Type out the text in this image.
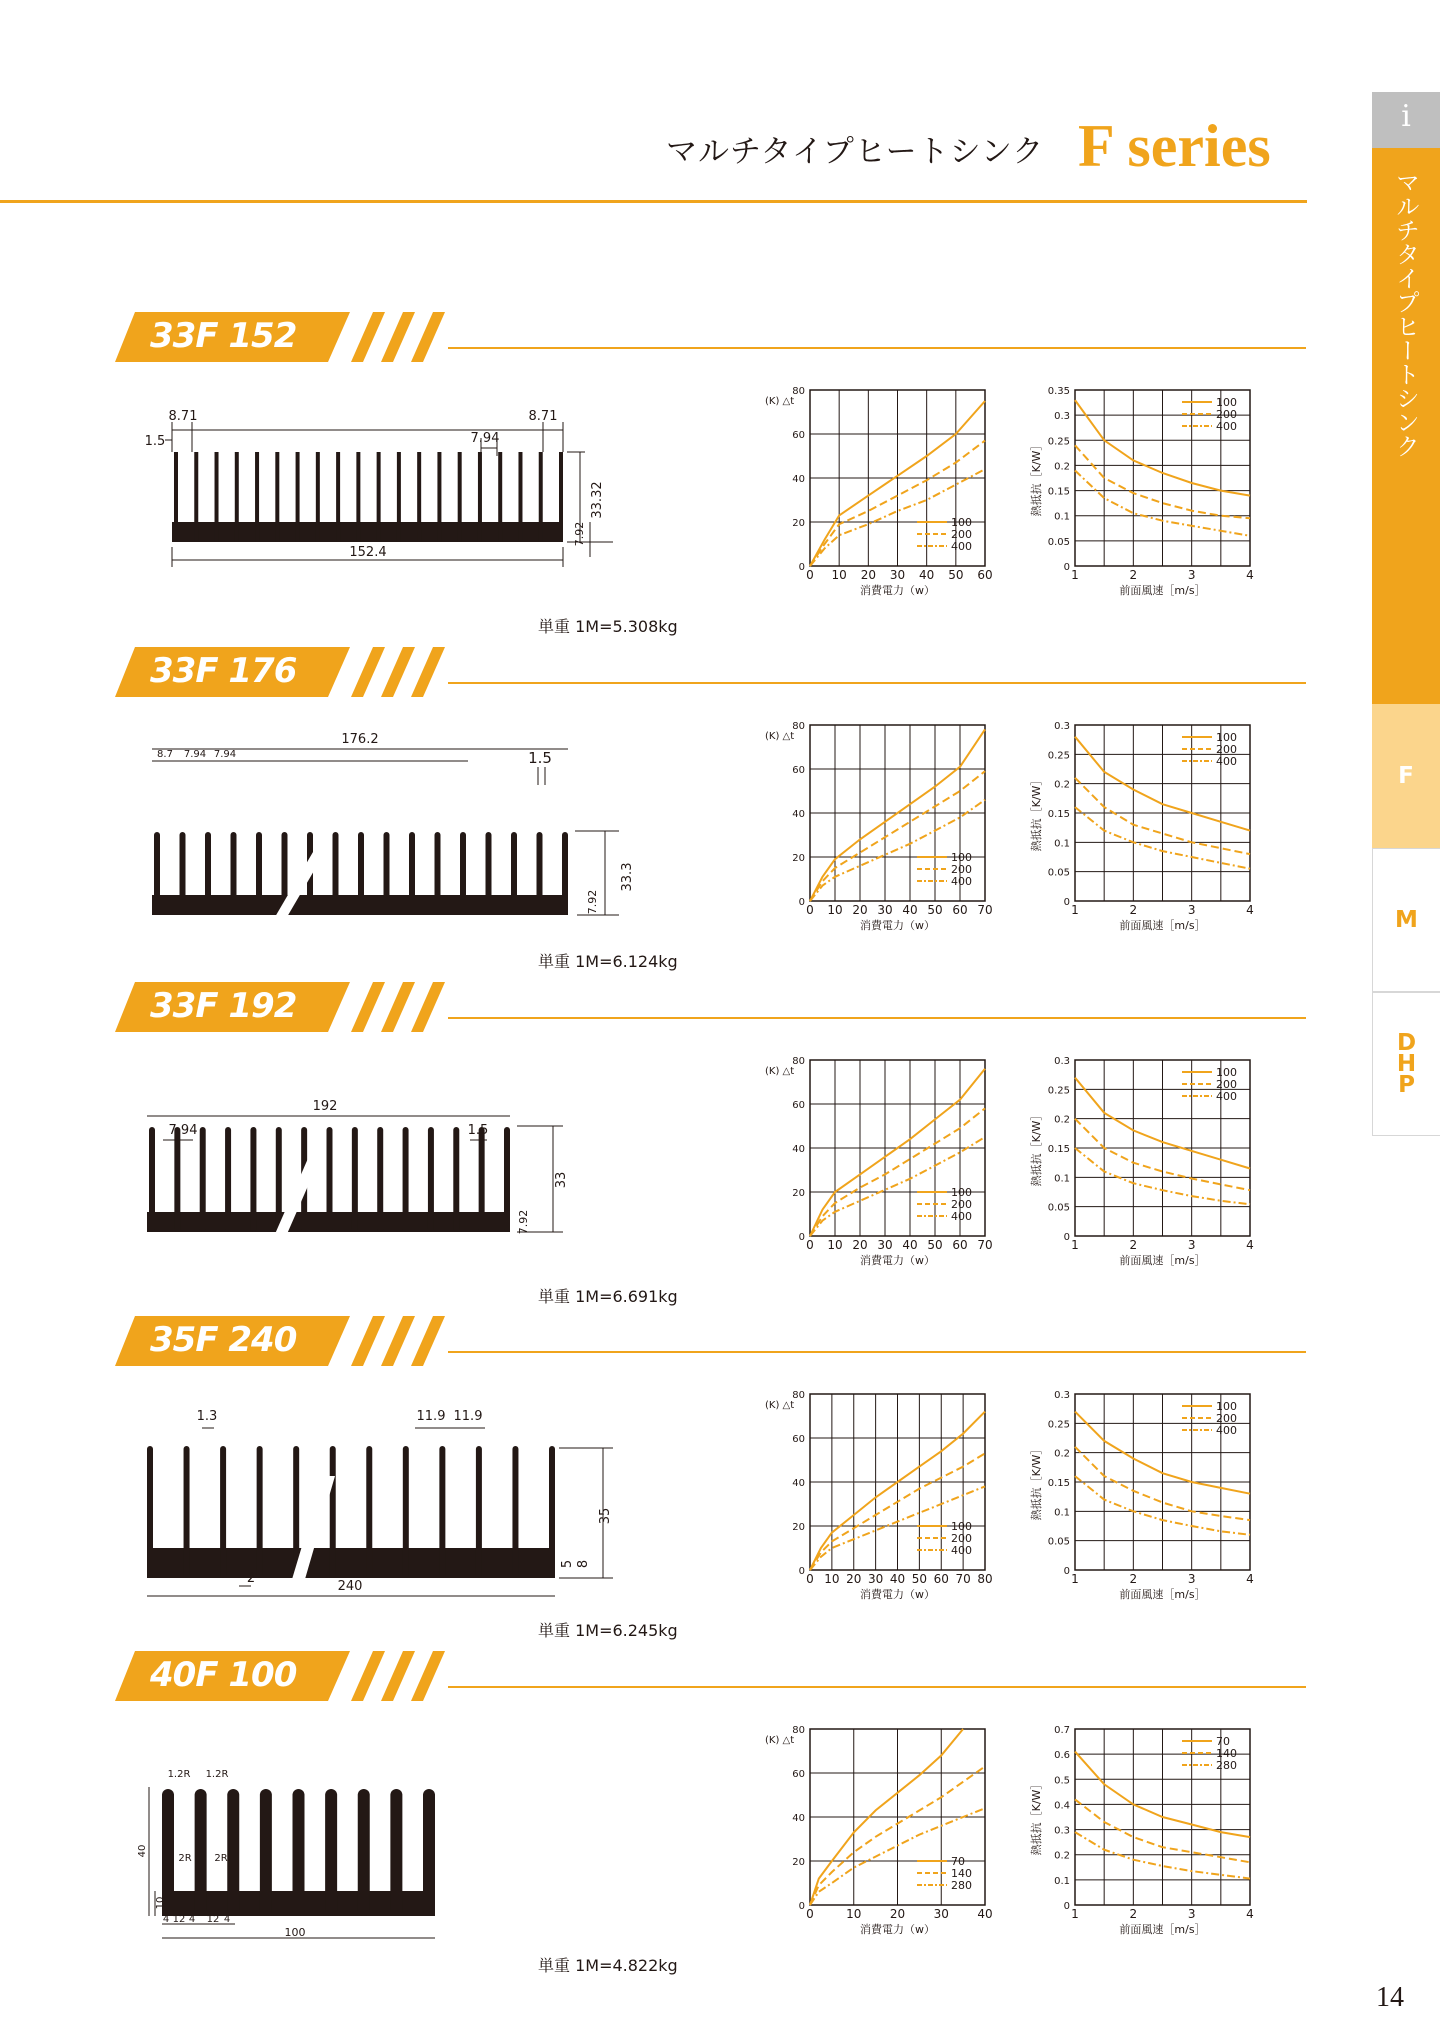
マルチタイプヒートシンク F series	i
マルチタイプヒートシンク
F
M
D
H
P
14
33F 152
8.71	8.71
1.5	7.94
33.32
7.92
152.4
単重 1M=5.308kg
0 10 20 30 40 50 60
0
20
40
60
80
消費電力（w）
(K) △t
100
200
400
1	2	3	4
0
0.05
0.1
0.15
0.2
0.25
0.3
0.35
前面風速［m/s］
熱抵抗［K/W］
100
200
400
33F 176
176.2
8.7 7.94 7.94	1.5
33.3
7.92
単重 1M=6.124kg
0 10 20 30 40 50 60 70
0
20
40
60
80
消費電力（w）
(K) △t
100
200
400
1	2	3	4
0
0.05
0.1
0.15
0.2
0.25
0.3
前面風速［m/s］
熱抵抗［K/W］
100
200
400
33F 192
192
7.94	1.5
33
7.92
単重 1M=6.691kg
0 10 20 30 40 50 60 70
0
20
40
60
80
消費電力（w）
(K) △t
100
200
400
1	2	3	4
0
0.05
0.1
0.15
0.2
0.25
0.3
前面風速［m/s］
熱抵抗［K/W］
100
200
400
35F 240
1.3	11.9 11.9
35
5 8
2
240
単重 1M=6.245kg
0 10 20 30 40 50 60 70 80
0
20
40
60
80
消費電力（w）
(K) △t
100
200
400
1	2	3	4
0
0.05
0.1
0.15
0.2
0.25
0.3
前面風速［m/s］
熱抵抗［K/W］
100
200
400
40F 100
1.2R 1.2R
2R 2R
40
10
4 12 4 12 4
100
単重 1M=4.822kg
0	10 20 30 40
0
20
40
60
80
消費電力（w）
(K) △t
70
140
280
1	2	3	4
0
0.1
0.2
0.3
0.4
0.5
0.6
0.7
前面風速［m/s］
熱抵抗［K/W］
70
140
280
